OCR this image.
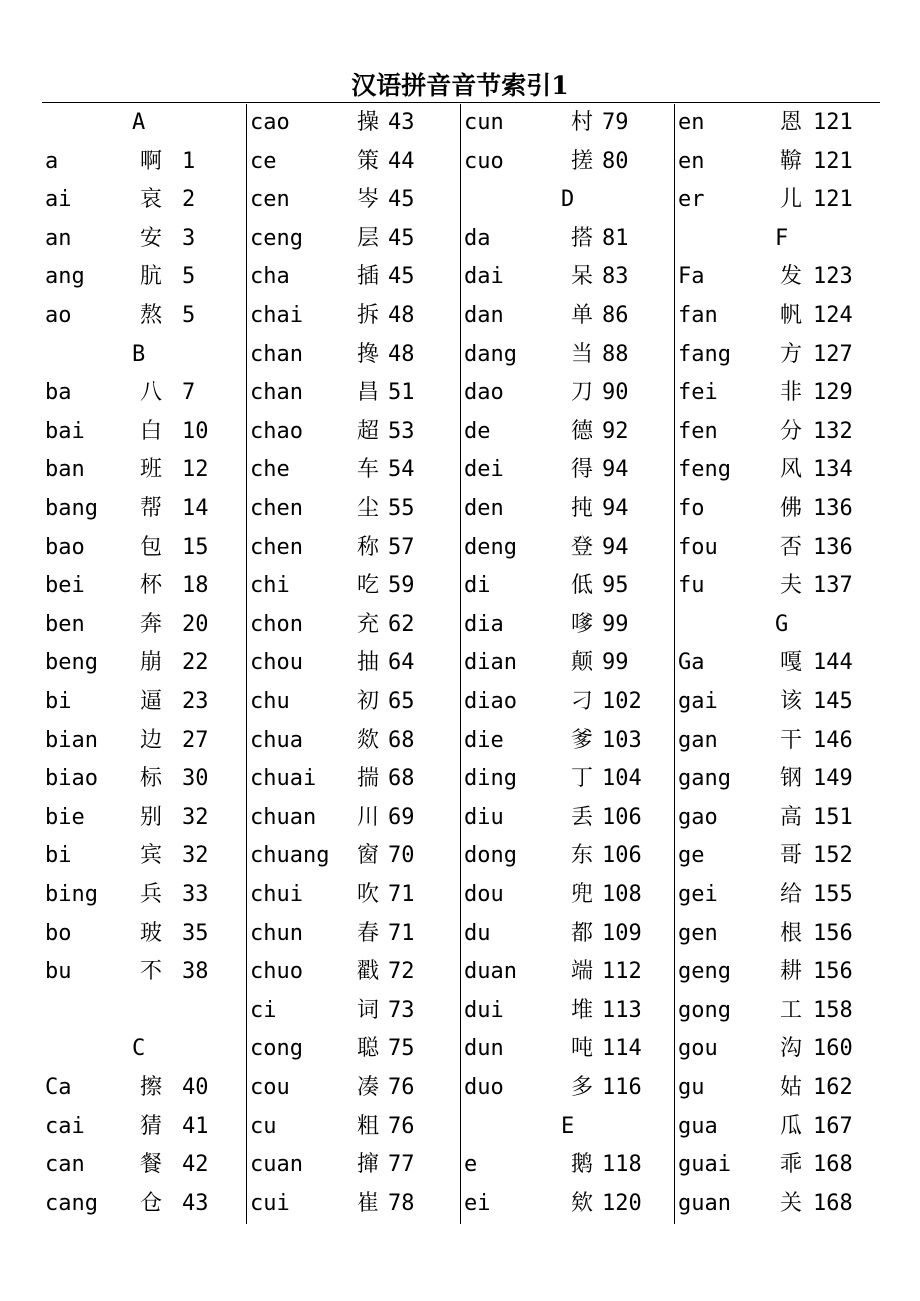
汉语拼音音节索引1
A
a	啊 1
ai	哀 2
an	安 3
ang	肮 5
ao	熬 5
B
ba	八 7
bai	白 10
ban	班 12
bang 帮 14
bao	包 15
bei	杯 18
ben	奔 20
beng 崩 22
bi	逼 23
bian 边 27
biao 标 30
bie	别 32
bi	宾 32
bing 兵 33
bo	玻 35
bu	不 38
C
Ca	擦 40
cai	猜 41
can	餐 42
cang 仓 43
cao	操 43
ce	策 44
cen	岑 45
ceng 层 45
cha	插 45
chai 拆 48
chan 搀 48
chan 昌 51
chao 超 53
che	车 54
chen 尘 55
chen 称 57
chi	吃 59
chon 充 62
chou 抽 64
chu	初 65
chua 欻 68
chuai 揣 68
chuan 川 69
chuang 窗 70
chui 吹 71
chun 春 71
chuo 戳 72
ci	词 73
cong 聪 75
cou	凑 76
cu	粗 76
cuan 撺 77
cui	崔 78
cun	村 79
cuo	搓 80
D
da	搭 81
dai	呆 83
dan	单 86
dang 当 88
dao	刀 90
de	德 92
dei	得 94
den	扽 94
deng 登 94
di	低 95
dia	嗲 99
dian 颠 99
diao 刁 102
die	爹 103
ding 丁 104
diu	丢 106
dong 东 106
dou	兜 108
du	都 109
duan 端 112
dui	堆 113
dun	吨 114
duo	多 116
E
e	鹅 118
ei	欸 120
en	恩 121
en	鞥 121
er	儿 121
F
Fa	发 123
fan	帆 124
fang 方 127
fei	非 129
fen	分 132
feng 风 134
fo	佛 136
fou	否 136
fu	夫 137
G
Ga	嘎 144
gai	该 145
gan	干 146
gang 钢 149
gao	高 151
ge	哥 152
gei	给 155
gen	根 156
geng 耕 156
gong 工 158
gou	沟 160
gu	姑 162
gua	瓜 167
guai 乖 168
guan 关 168
